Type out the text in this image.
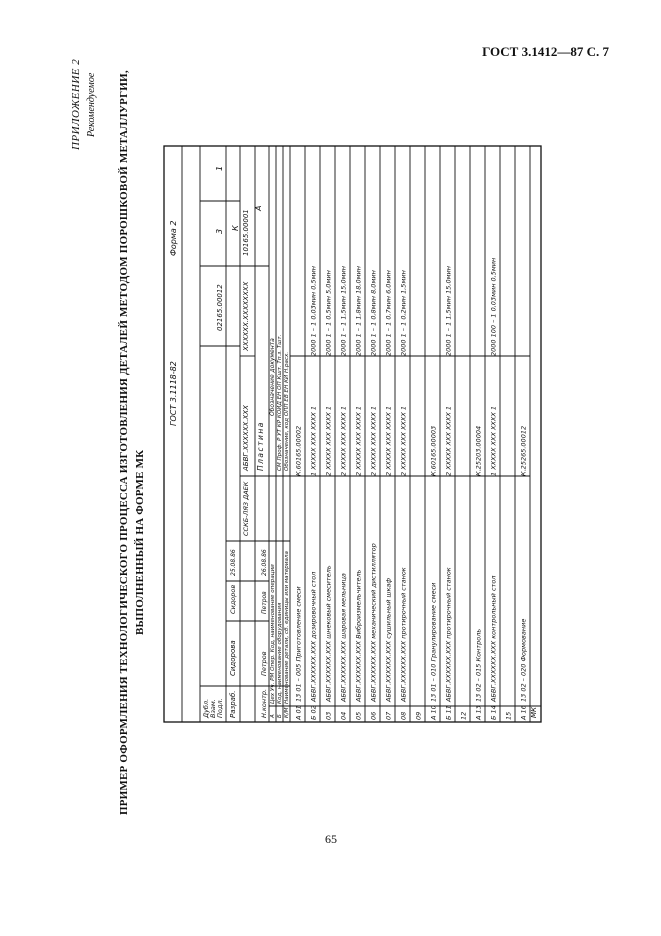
ГОСТ 3.1412—87 С. 7
ПРИЛОЖЕНИЕ 2 Рекомендуемое ПРИМЕР ОФОРМЛЕНИЯ ТЕХНОЛОГИЧЕСКОГО ПРОЦЕССА ИЗГОТОВЛЕНИЯ ДЕТАЛЕЙ МЕТОДОМ ПОРОШКОВОЙ МЕТАЛЛУРГИИ, ВЫПОЛНЕННЫЙ НА ФОРМЕ МК
ГОСТ 3.1118-82
Форма 2
Дубл. Взам. Подл. Разраб.
Сидорова
Сидоров
25.08.86
Н.контр.
Петров
Петров
26.08.86
ССКБ-ЛЯЗ ДАЕК
АБВГ.ХХХХХХ.ХХХ
ХХХХХХ.ХХХХХХХХ
10165.00001
02165.00012
3
1
К
А
Пластина
Цех Уч. РМ Опер. Код, наименование операции
Обозначение документа
Код, наименование оборудования
СМ Проф. Р УТ КР КОИД ЕН ОП Кшт. Тп.з. Тшт.
Наименование детали, сб. единицы или материала
Обозначение, код ОПП ЕВ ЕН КИ Н.расх.
А Б К/М	МК
А 01
13 01 – 005 Приготовление смеси
К.60165.00002
Б 02
АБВГ.ХХХХХХ.ХХХ дозировочный стол
1 ХХХХХ ХХХ ХХХХ 1
2000 1 – 1 0,03мин 0,5мин
03
АБВГ.ХХХХХХ.ХХХ шнековый смеситель
2 ХХХХХ ХХХ ХХХХ 1
2000 1 – 1 0,5мин 5,0мин
04
АБВГ.ХХХХХХ.ХХХ шаровая мельница
2 ХХХХХ ХХХ ХХХХ 1
2000 1 – 1 1,5мин 15,0мин
05
АБВГ.ХХХХХХ.ХХХ Виброизмельчитель
2 ХХХХХ ХХХ ХХХХ 1
2000 1 – 1 1,8мин 18,0мин
06
АБВГ.ХХХХХХ.ХХХ механический дистиллятор
2 ХХХХХ ХХХ ХХХХ 1
2000 1 – 1 0,8мин 8,0мин
07
АБВГ.ХХХХХХ.ХХХ сушильный шкаф
2 ХХХХХ ХХХ ХХХХ 1
2000 1 – 1 0,7мин 6,0мин
08
АБВГ.ХХХХХХ.ХХХ протирочный станок
2 ХХХХХ ХХХ ХХХХ 1
2000 1 – 1 0,2мин 1,5мин
09 А 10
13 01 – 010 Гранулирование смеси
К.60165.00003
Б 11
АБВГ.ХХХХХХ.ХХХ протирочный станок
2 ХХХХХ ХХХ ХХХХ 1
2000 1 – 1 1,5мин 15,0мин
12 А 13
13 02 – 015 Контроль
К.25203.00004
Б 14
АБВГ.ХХХХХХ.ХХХ контрольный стол
1 ХХХХХ ХХХ ХХХХ 1
2000 100 – 1 0,03мин 0,5мин
15 А 16
13 02 – 020 Формование
К.25265.00012
65
